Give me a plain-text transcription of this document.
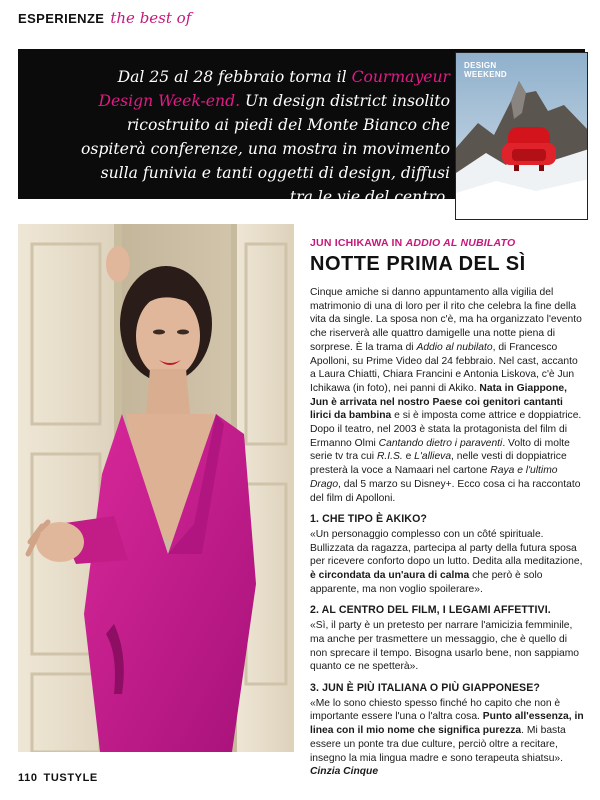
ESPERIENZE the best of
Dal 25 al 28 febbraio torna il Courmayeur Design Week-end. Un design district insolito ricostruito ai piedi del Monte Bianco che ospiterà conferenze, una mostra in movimento sulla funivia e tanti oggetti di design, diffusi tra le vie del centro.
DESIGN
WEEKEND
JUN ICHIKAWA IN ADDIO AL NUBILATO
NOTTE PRIMA DEL SÌ

Cinque amiche si danno appuntamento alla vigilia del matrimonio di una di loro per il rito che celebra la fine della vita da single. La sposa non c'è, ma ha organizzato l'evento che riserverà alle quattro damigelle una notte piena di sorprese. È la trama di Addio al nubilato, di Francesco Apolloni, su Prime Video dal 24 febbraio. Nel cast, accanto a Laura Chiatti, Chiara Francini e Antonia Liskova, c'è Jun Ichikawa (in foto), nei panni di Akiko. Nata in Giappone, Jun è arrivata nel nostro Paese coi genitori cantanti lirici da bambina e si è imposta come attrice e doppiatrice. Dopo il teatro, nel 2003 è stata la protagonista del film di Ermanno Olmi Cantando dietro i paraventi. Volto di molte serie tv tra cui R.I.S. e L'allieva, nelle vesti di doppiatrice presterà la voce a Namaari nel cartone Raya e l'ultimo Drago, dal 5 marzo su Disney+. Ecco cosa ci ha raccontato del film di Apolloni.

1. CHE TIPO È AKIKO?

«Un personaggio complesso con un côté spirituale. Bullizzata da ragazza, partecipa al party della futura sposa per ricevere conforto dopo un lutto. Dedita alla meditazione, è circondata da un'aura di calma che però è solo apparente, ma non voglio spoilerare».

2. AL CENTRO DEL FILM, I LEGAMI AFFETTIVI.

«Sì, il party è un pretesto per narrare l'amicizia femminile, ma anche per trasmettere un messaggio, che è quello di non sprecare il tempo. Bisogna usarlo bene, non sappiamo quanto ce ne spetterà».

3. JUN È PIÙ ITALIANA O PIÙ GIAPPONESE?

«Me lo sono chiesto spesso finché ho capito che non è importante essere l'una o l'altra cosa. Punto all'essenza, in linea con il mio nome che significa purezza. Mi basta essere un ponte tra due culture, perciò oltre a recitare, insegno la mia lingua madre e sono terapeuta shiatsu». Cinzia Cinque

110 TUSTYLE
